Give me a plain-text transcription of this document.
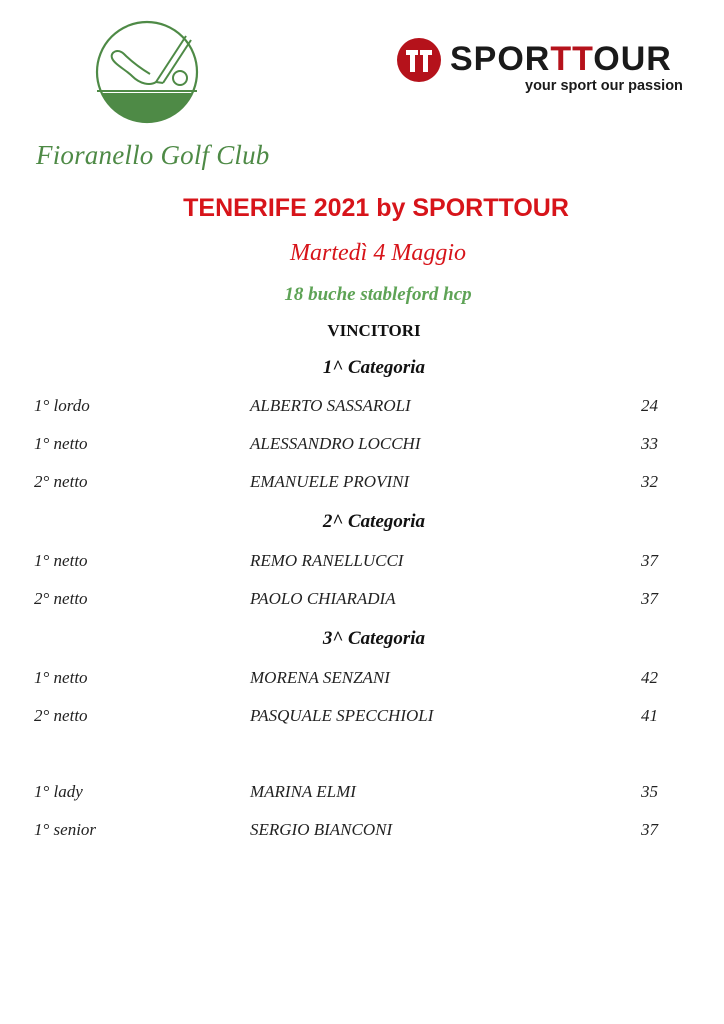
Fioranello Golf Club
SPORTTOUR
your sport our passion
TENERIFE 2021 by SPORTTOUR
Martedì 4 Maggio
18 buche stableford hcp
VINCITORI
1^ Categoria
1° lordo	ALBERTO SASSAROLI	24
1° netto	ALESSANDRO LOCCHI	33
2° netto	EMANUELE PROVINI	32
2^ Categoria
1° netto	REMO RANELLUCCI	37
2° netto	PAOLO CHIARADIA	37
3^ Categoria
1° netto	MORENA SENZANI	42
2° netto	PASQUALE SPECCHIOLI	41
1° lady	MARINA ELMI	35
1° senior	SERGIO BIANCONI	37
